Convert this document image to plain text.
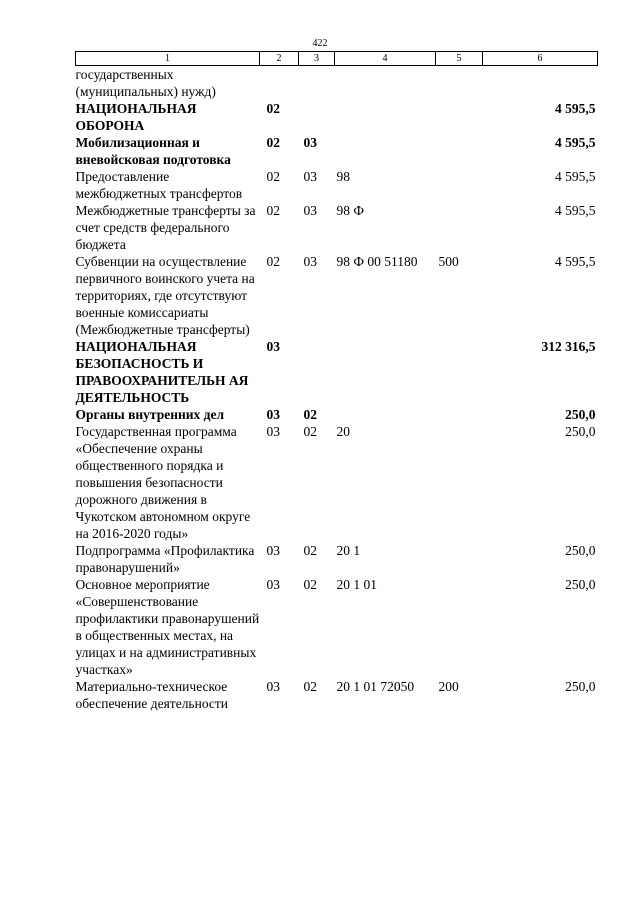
422
1	2	3	4	5	6
государственных (муниципальных) нужд)					
НАЦИОНАЛЬНАЯ ОБОРОНА	02				4 595,5
Мобилизационная и вневойсковая подготовка	02	03			4 595,5
Предоставление межбюджетных трансфертов	02	03	98		4 595,5
Межбюджетные трансферты за счет средств федерального бюджета	02	03	98 Ф		4 595,5
Субвенции на осуществление первичного воинского учета на территориях, где отсутствуют военные комиссариаты (Межбюджетные трансферты)	02	03	98 Ф 00 51180	500	4 595,5
НАЦИОНАЛЬНАЯ БЕЗОПАСНОСТЬ И ПРАВООХРАНИТЕЛЬН АЯ ДЕЯТЕЛЬНОСТЬ	03				312 316,5
Органы внутренних дел	03	02			250,0
Государственная программа «Обеспечение охраны общественного порядка и повышения безопасности дорожного движения в Чукотском автономном округе на 2016-2020 годы»	03	02	20		250,0
Подпрограмма «Профилактика правонарушений»	03	02	20 1		250,0
Основное мероприятие «Совершенствование профилактики правонарушений в общественных местах, на улицах и на административных участках»	03	02	20 1 01		250,0
Материально-техническое обеспечение деятельности	03	02	20 1 01 72050	200	250,0
